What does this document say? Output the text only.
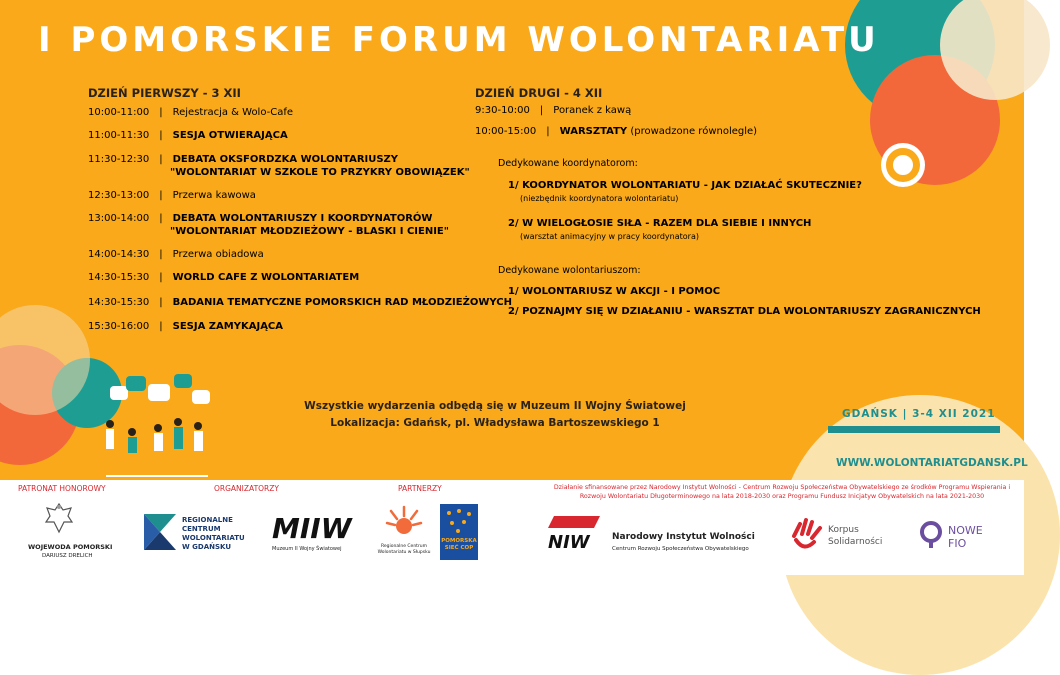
I POMORSKIE FORUM WOLONTARIATU
DZIEŃ PIERWSZY - 3 XII
10:00-11:00 | Rejestracja & Wolo-Cafe
11:00-11:30 | SESJA OTWIERAJĄCA
11:30-12:30 | DEBATA OKSFORDZKA WOLONTARIUSZY
"WOLONTARIAT W SZKOLE TO PRZYKRY OBOWIĄZEK"
12:30-13:00 | Przerwa kawowa
13:00-14:00 | DEBATA WOLONTARIUSZY I KOORDYNATORÓW
"WOLONTARIAT MŁODZIEŻOWY - BLASKI I CIENIE"
14:00-14:30 | Przerwa obiadowa
14:30-15:30 | WORLD CAFE Z WOLONTARIATEM
14:30-15:30 | BADANIA TEMATYCZNE POMORSKICH RAD MŁODZIEŻOWYCH
15:30-16:00 | SESJA ZAMYKAJĄCA
DZIEŃ DRUGI - 4 XII
9:30-10:00 | Poranek z kawą
10:00-15:00 | WARSZTATY (prowadzone równolegle)
Dedykowane koordynatorom:
1/ KOORDYNATOR WOLONTARIATU - JAK DZIAŁAĆ SKUTECZNIE?
(niezbędnik koordynatora wolontariatu)
2/ W WIELOGŁOSIE SIŁA - RAZEM DLA SIEBIE I INNYCH
(warsztat animacyjny w pracy koordynatora)
Dedykowane wolontariuszom:
1/ WOLONTARIUSZ W AKCJI - I POMOC
2/ POZNAJMY SIĘ W DZIAŁANIU - WARSZTAT DLA WOLONTARIUSZY ZAGRANICZNYCH
Wszystkie wydarzenia odbędą się w Muzeum II Wojny Światowej
Lokalizacja: Gdańsk, pl. Władysława Bartoszewskiego 1
GDAŃSK | 3-4 XII 2021
WWW.WOLONTARIATGDANSK.PL
PATRONAT HONOROWY	ORGANIZATORZY	PARTNERZY	Działanie sfinansowane przez Narodowy Instytut Wolności - Centrum Rozwoju Społeczeństwa Obywatelskiego ze środków Programu Wspierania i Rozwoju Wolontariatu Długoterminowego na lata 2018-2030 oraz Programu Fundusz Inicjatyw Obywatelskich na lata 2021-2030
WOJEWODA POMORSKI
DARIUSZ DRELICH
REGIONALNE
CENTRUM
WOLONTARIATU
W GDAŃSKU
MIIW
Muzeum II Wojny Światowej	Regionalne Centrum Wolontariatu w Słupsku
POMORSKA
SIEĆ COP	NIW Narodowy Instytut Wolności
Centrum Rozwoju Społeczeństwa Obywatelskiego
Korpus
Solidarności
NOWE
FIO
